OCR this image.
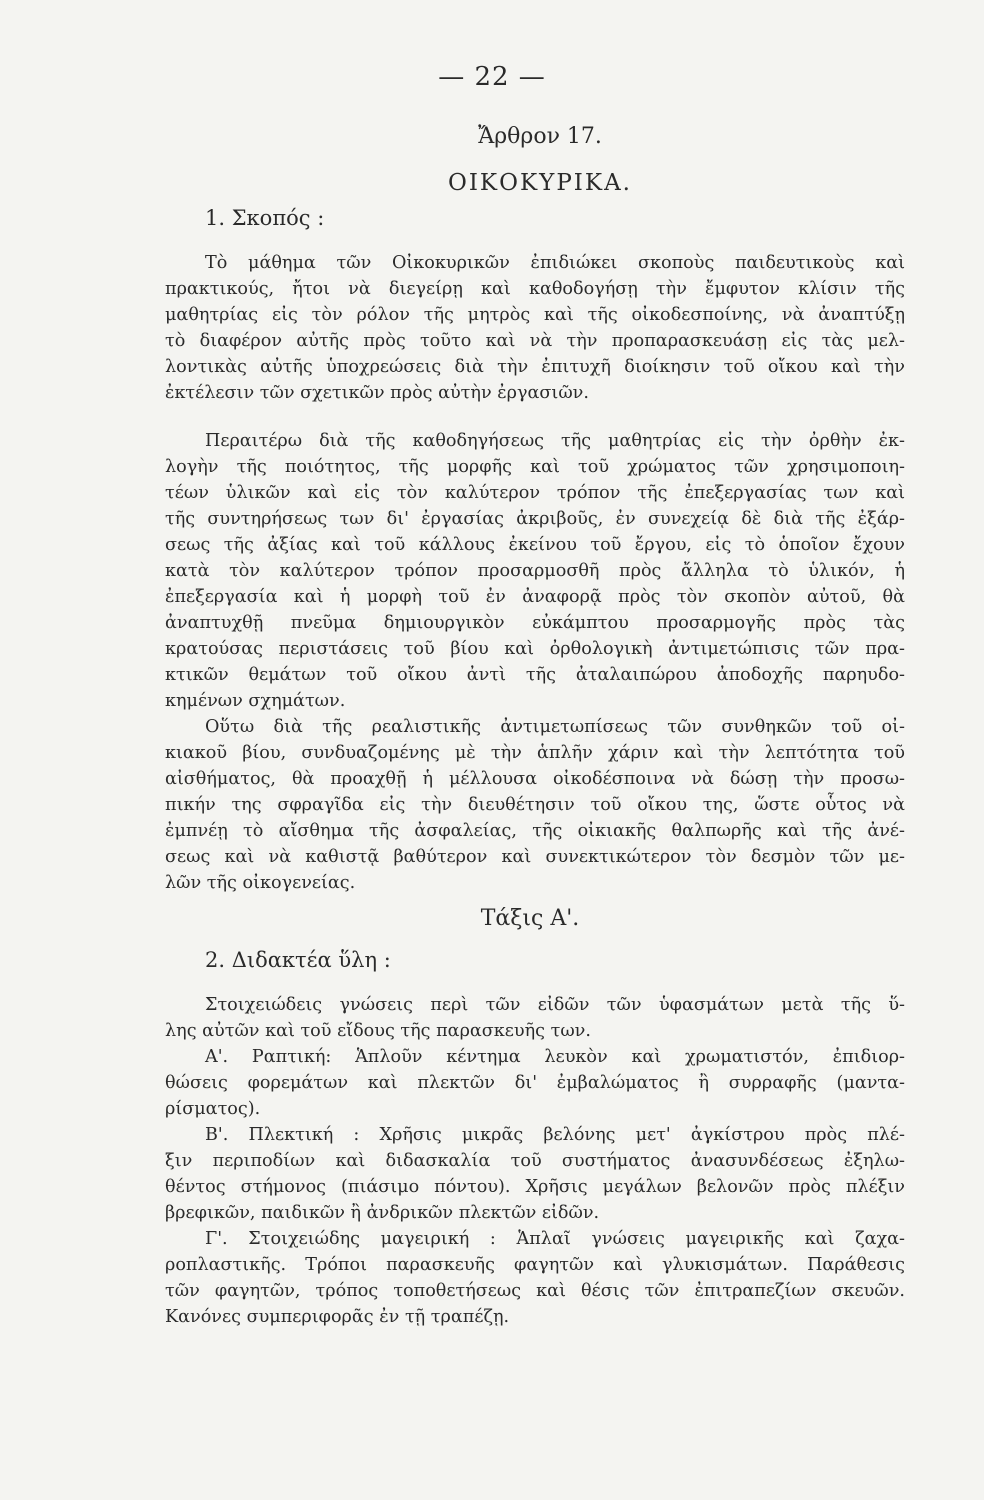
— 22 —
Ἄρθρον 17.
ΟΙΚΟΚΥΡΙΚΑ.
1. Σκοπός :
Τὸ μάθημα τῶν Οἰκοκυρικῶν ἐπιδιώκει σκοποὺς παιδευτικοὺς καὶ
πρακτικούς, ἤτοι νὰ διεγείρῃ καὶ καθοδογήσῃ τὴν ἔμφυτον κλίσιν τῆς
μαθητρίας εἰς τὸν ρόλον τῆς μητρὸς καὶ τῆς οἰκοδεσποίνης, νὰ ἀναπτύξῃ
τὸ διαφέρον αὐτῆς πρὸς τοῦτο καὶ νὰ τὴν προπαρασκευάσῃ εἰς τὰς μελ-
λοντικὰς αὐτῆς ὑποχρεώσεις διὰ τὴν ἐπιτυχῆ διοίκησιν τοῦ οἴκου καὶ τὴν
ἐκτέλεσιν τῶν σχετικῶν πρὸς αὐτὴν ἐργασιῶν.
Περαιτέρω διὰ τῆς καθοδηγήσεως τῆς μαθητρίας εἰς τὴν ὀρθὴν ἐκ-
λογὴν τῆς ποιότητος, τῆς μορφῆς καὶ τοῦ χρώματος τῶν χρησιμοποιη-
τέων ὑλικῶν καὶ εἰς τὸν καλύτερον τρόπον τῆς ἐπεξεργασίας των καὶ
τῆς συντηρήσεως των δι' ἐργασίας ἀκριβοῦς, ἐν συνεχείᾳ δὲ διὰ τῆς ἐξάρ-
σεως τῆς ἀξίας καὶ τοῦ κάλλους ἐκείνου τοῦ ἔργου, εἰς τὸ ὁποῖον ἔχουν
κατὰ τὸν καλύτερον τρόπον προσαρμοσθῆ πρὸς ἄλληλα τὸ ὑλικόν, ἡ
ἐπεξεργασία καὶ ἡ μορφὴ τοῦ ἐν ἀναφορᾷ πρὸς τὸν σκοπὸν αὐτοῦ, θὰ
ἀναπτυχθῇ πνεῦμα δημιουργικὸν εὐκάμπτου προσαρμογῆς πρὸς τὰς
κρατούσας περιστάσεις τοῦ βίου καὶ ὀρθολογικὴ ἀντιμετώπισις τῶν πρα-
κτικῶν θεμάτων τοῦ οἴκου ἀντὶ τῆς ἀταλαιπώρου ἀποδοχῆς παρηυδο-
κημένων σχημάτων.
Οὕτω διὰ τῆς ρεαλιστικῆς ἀντιμετωπίσεως τῶν συνθηκῶν τοῦ οἰ-
κιακοῦ βίου, συνδυαζομένης μὲ τὴν ἁπλῆν χάριν καὶ τὴν λεπτότητα τοῦ
αἰσθήματος, θὰ προαχθῇ ἡ μέλλουσα οἰκοδέσποινα νὰ δώσῃ τὴν προσω-
πικήν της σφραγῖδα εἰς τὴν διευθέτησιν τοῦ οἴκου της, ὥστε οὗτος νὰ
ἐμπνέῃ τὸ αἴσθημα τῆς ἀσφαλείας, τῆς οἰκιακῆς θαλπωρῆς καὶ τῆς ἀνέ-
σεως καὶ νὰ καθιστᾷ βαθύτερον καὶ συνεκτικώτερον τὸν δεσμὸν τῶν με-
λῶν τῆς οἰκογενείας.
Τάξις Α'.
2. Διδακτέα ὕλη :
Στοιχειώδεις γνώσεις περὶ τῶν εἰδῶν τῶν ὑφασμάτων μετὰ τῆς ὕ-
λης αὐτῶν καὶ τοῦ εἴδους τῆς παρασκευῆς των.
Α'. Ραπτική: Ἁπλοῦν κέντημα λευκὸν καὶ χρωματιστόν, ἐπιδιορ-
θώσεις φορεμάτων καὶ πλεκτῶν δι' ἐμβαλώματος ἢ συρραφῆς (μαντα-
ρίσματος).
Β'. Πλεκτική : Χρῆσις μικρᾶς βελόνης μετ' ἀγκίστρου πρὸς πλέ-
ξιν περιποδίων καὶ διδασκαλία τοῦ συστήματος ἀνασυνδέσεως ἐξηλω-
θέντος στήμονος (πιάσιμο πόντου). Χρῆσις μεγάλων βελονῶν πρὸς πλέξιν
βρεφικῶν, παιδικῶν ἢ ἀνδρικῶν πλεκτῶν εἰδῶν.
Γ'. Στοιχειώδης μαγειρική : Ἁπλαῖ γνώσεις μαγειρικῆς καὶ ζαχα-
ροπλαστικῆς. Τρόποι παρασκευῆς φαγητῶν καὶ γλυκισμάτων. Παράθεσις
τῶν φαγητῶν, τρόπος τοποθετήσεως καὶ θέσις τῶν ἐπιτραπεζίων σκευῶν.
Κανόνες συμπεριφορᾶς ἐν τῇ τραπέζῃ.
